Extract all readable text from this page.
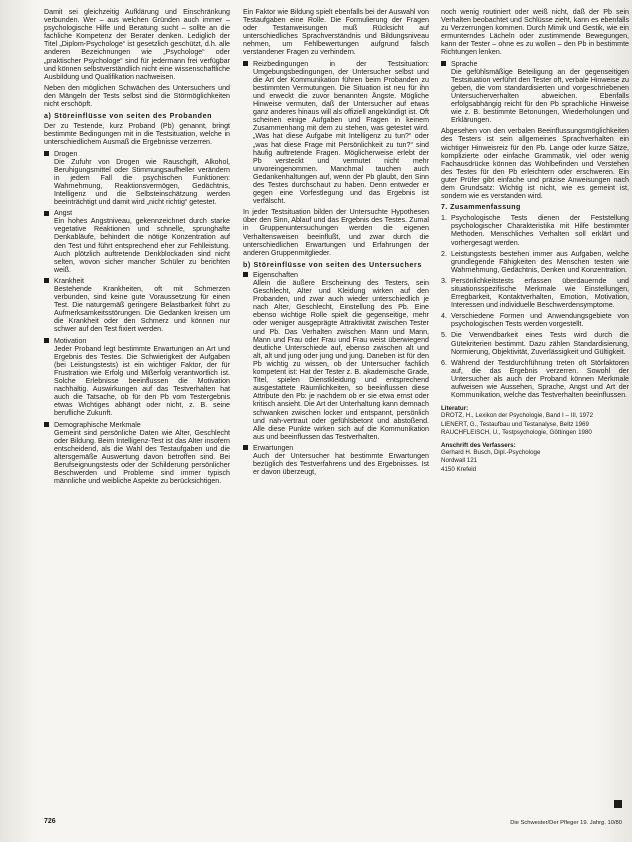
Damit sei gleichzeitig Aufklärung und Einschränkung verbunden. Wer – aus welchen Gründen auch immer – psychologische Hilfe und Beratung sucht – sollte an die fachliche Kompetenz der Berater denken. Lediglich der Titel „Diplom-Psychologe“ ist gesetzlich geschützt, d.h. alle anderen Bezeichnungen wie „Psychologe“ oder „praktischer Psychologe“ sind für jedermann frei verfügbar und können selbstverständlich nicht eine wissenschaftliche Ausbildung und Qualifikation nachweisen.

Neben den möglichen Schwächen des Untersuchers und den Mängeln der Tests selbst sind die Störmöglichkeiten nicht erschöpft.

a) Störeinflüsse von seiten des Probanden

Der zu Testende, kurz Proband (Pb) genannt, bringt bestimmte Bedingungen mit in die Testsituation, welche in unterschiedlichem Ausmaß die Ergebnisse verzerren.

Drogen
Die Zufuhr von Drogen wie Rauschgift, Alkohol, Beruhigungsmittel oder Stimmungsaufheller verändern in jedem Fall die psychischen Funktionen: Wahrnehmung, Reaktionsvermögen, Gedächtnis, Intelligenz und die Selbsteinschätzung werden beeinträchtigt und damit wird „nicht richtig“ getestet.
Angst
Ein hohes Angstniveau, gekennzeichnet durch starke vegetative Reaktionen und schnelle, sprunghafte Denkabläufe, behindert die nötige Konzentration auf den Test und führt entsprechend eher zur Fehlleistung. Auch plötzlich auftretende Denkblockaden sind nicht selten, wovon sicher mancher Schüler zu berichten weiß.
Krankheit
Bestehende Krankheiten, oft mit Schmerzen verbunden, sind keine gute Voraussetzung für einen Test. Die naturgemäß geringere Belastbarkeit führt zu Aufmerksamkeitsstörungen. Die Gedanken kreisen um die Krankheit oder den Schmerz und können nur schwer auf den Test fixiert werden.
Motivation
Jeder Proband legt bestimmte Erwartungen an Art und Ergebnis des Testes. Die Schwierigkeit der Aufgaben (bei Leistungstests) ist ein wichtiger Faktor, der für Frustration wie Erfolg und Mißerfolg verantwortlich ist. Solche Erlebnisse beeinflussen die Motivation nachhaltig. Auswirkungen auf das Testverhalten hat auch die Tatsache, ob für den Pb vom Testergebnis etwas Wichtiges abhängt oder nicht, z. B. seine berufliche Zukunft.
Demographische Merkmale
Gemeint sind persönliche Daten wie Alter, Geschlecht oder Bildung. Beim Intelligenz-Test ist das Alter insofern entscheidend, als die Wahl des Testaufgaben und die altersgemäße Auswertung davon betroffen sind. Bei Berufseignungstests oder der Schilderung persönlicher Beschwerden und Probleme sind immer typisch männliche und weibliche Aspekte zu berücksichtigen.

Ein Faktor wie Bildung spielt ebenfalls bei der Auswahl von Testaufgaben eine Rolle. Die Formulierung der Fragen oder Testanweisungen muß Rücksicht auf unterschiedliches Sprachverständnis und Bildungsniveau nehmen, um Fehlbewertungen aufgrund falsch verstandener Fragen zu verhindern.

Reizbedingungen in der Testsituation: Umgebungsbedingungen, der Untersucher selbst und die Art der Kommunikation führen beim Probanden zu bestimmten Vermutungen. Die Situation ist neu für ihn und erweckt die zuvor benannten Ängste. Mögliche Hinweise vermuten, daß der Untersucher auf etwas ganz anderes hinaus will als offiziell angekündigt ist. Oft scheinen einige Aufgaben und Fragen in keinem Zusammenhang mit dem zu stehen, was getestet wird. „Was hat diese Aufgabe mit Intelligenz zu tun?“ oder „was hat diese Frage mit Persönlichkeit zu tun?“ sind häufig auftretende Fragen. Möglicherweise erlebt der Pb versteckt und vermutet nicht mehr unvoreingenommen. Manchmal tauchen auch Gedankenhaltungen auf, wenn der Pb glaubt, den Sinn des Testes durchschaut zu haben. Denn entweder er gegen eine Vorfestlegung und das Ergebnis ist verfälscht.

In jeder Testsituation bilden der Untersuchte Hypothesen über den Sinn, Ablauf und das Ergebnis des Testes. Zumal in Gruppenuntersuchungen werden die eigenen Verhaltensweisen beeinflußt, und zwar durch die unterschiedlichen Erwartungen und Erfahrungen der anderen Gruppenmitglieder.

b) Störeinflüsse von seiten des Untersuchers
Eigenschaften
Allein die äußere Erscheinung des Testers, sein Geschlecht, Alter und Kleidung wirken auf den Probanden, und zwar auch wieder unterschiedlich je nach Alter, Geschlecht, Einstellung des Pb. Eine ebenso wichtige Rolle spielt die gegenseitige, mehr oder weniger ausgeprägte Attraktivität zwischen Tester und Pb. Das Verhalten zwischen Mann und Mann, Mann und Frau oder Frau und Frau weist überwiegend deutliche Unterschiede auf, ebenso zwischen alt und alt, alt und jung oder jung und jung. Daneben ist für den Pb wichtig zu wissen, ob der Untersucher fachlich kompetent ist: Hat der Tester z. B. akademische Grade, Titel, spielen Dienstkleidung und entsprechend ausgestattete Räumlichkeiten, so beeinflussen diese Attribute den Pb: je nachdem ob er sie etwa ernst oder kritisch ansieht. Die Art der Unterhaltung kann demnach schwanken zwischen locker und entspannt, persönlich und nah-vertraut oder gefühlsbetont und abstoßend. Alle diese Punkte wirken sich auf die Kommunikation aus und beeinflussen das Testverhalten.
Erwartungen
Auch der Untersucher hat bestimmte Erwartungen bezüglich des Testverfahrens und des Ergebnisses. Ist er davon überzeugt,

noch wenig routiniert oder weiß nicht, daß der Pb sein Verhalten beobachtet und Schlüsse zieht, kann es ebenfalls zu Verzerrungen kommen. Durch Mimik und Gestik, wie ein ermunterndes Lächeln oder zustimmende Bewegungen, kann der Tester – ohne es zu wollen – den Pb in bestimmte Richtungen lenken.

Sprache
Die gefühlsmäßige Beteiligung an der gegenseitigen Testsituation verführt den Tester oft, verbale Hinweise zu geben, die vom standardisierten und vorgeschriebenen Untersucherverhalten abweichen. Ebenfalls erfolgsabhängig reicht für den Pb sprachliche Hinweise wie z. B. bestimmte Betonungen, Wiederholungen und Erklärungen.

Abgesehen von den verbalen Beeinflussungsmöglichkeiten des Testers ist sein allgemeines Sprachverhalten ein wichtiger Hinweisreiz für den Pb. Lange oder kurze Sätze, komplizierte oder einfache Grammatik, viel oder wenig Fachausdrücke können das Wohlbefinden und Verstehen des Testes für den Pb erleichtern oder erschweren. Ein guter Prüfer gibt einfache und präzise Anweisungen nach dem Grundsatz: Wichtig ist nicht, wie es gemeint ist, sondern wie es verstanden wird.

7. Zusammenfassung
1. Psychologische Tests dienen der Feststellung psychologischer Charakteristika mit Hilfe bestimmter Methoden. Menschliches Verhalten soll erklärt und vorhergesagt werden.
2. Leistungstests bestehen immer aus Aufgaben, welche grundlegende Fähigkeiten des Menschen testen wie Wahrnehmung, Gedächtnis, Denken und Konzentration.
3. Persönlichkeitstests erfassen überdauernde und situationsspezifische Merkmale wie Einstellungen, Erregbarkeit, Kontaktverhalten, Emotion, Motivation, Interessen und individuelle Beschwerdensymptome.
4. Verschiedene Formen und Anwendungsgebiete von psychologischen Tests werden vorgestellt.
5. Die Verwendbarkeit eines Tests wird durch die Gütekriterien bestimmt. Dazu zählen Standardisierung, Normierung, Objektivität, Zuverlässigkeit und Gültigkeit.
6. Während der Testdurchführung treten oft Störfaktoren auf, die das Ergebnis verzerren. Sowohl der Untersucher als auch der Proband können Merkmale aufweisen wie Aussehen, Sprache, Angst und Art der Kommunikation, welche das Testverhalten beeinflussen.
Literatur:

DROTZ, H., Lexikon der Psychologie, Band I – III, 1972

LIENERT, G., Testaufbau und Testanalyse, Beltz 1969

RAUCHFLEISCH, U., Testpsychologie, Göttingen 1980

Anschrift des Verfassers:

Gerhard H. Busch, Dipl.-Psychologe

Nordwall 121

4150 Krefeld

726	Die Schwester/Der Pfleger 19. Jahrg. 10/80
